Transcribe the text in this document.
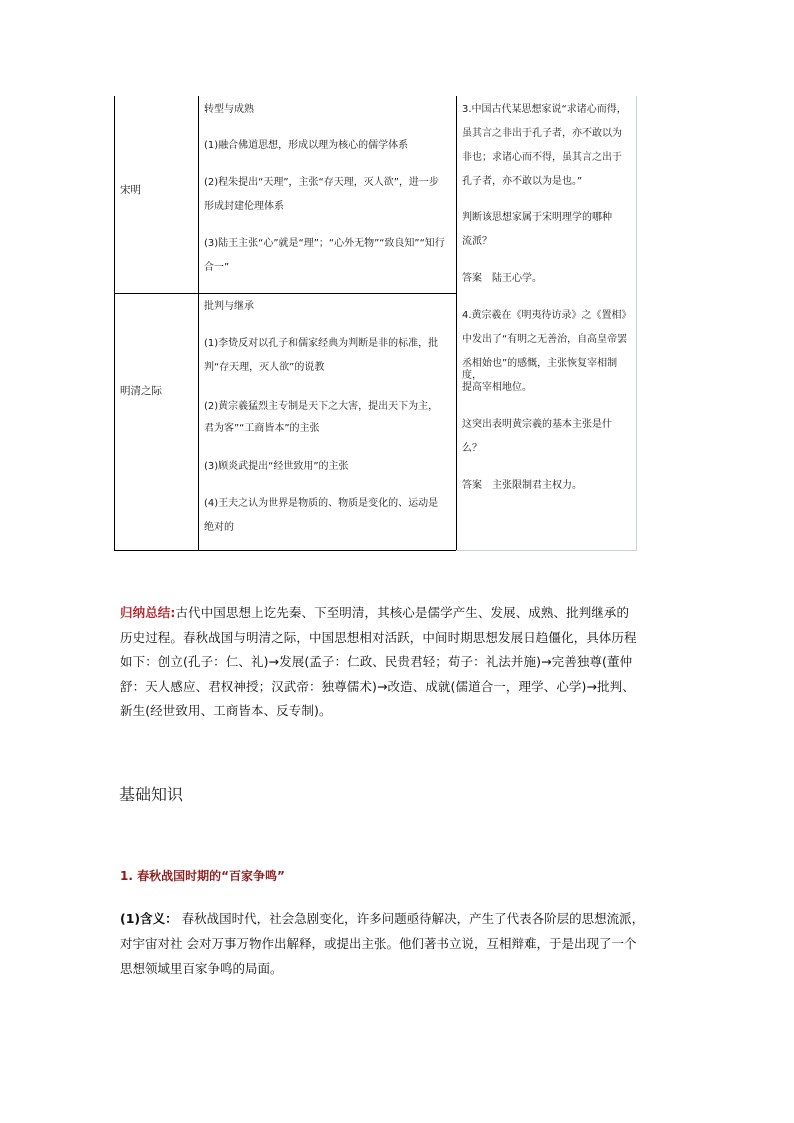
宋明
转型与成熟
(1)融合佛道思想，形成以理为核心的儒学体系
(2)程朱提出“天理”，主张“存天理，灭人欲”，进一步
形成封建伦理体系
(3)陆王主张“心”就是“理”；“心外无物”“致良知”“知行
合一”
明清之际
批判与继承
(1)李贽反对以孔子和儒家经典为判断是非的标准，批
判“存天理，灭人欲”的说教
(2)黄宗羲猛烈主专制是天下之大害，提出天下为主，
君为客”“工商皆本”的主张
(3)顾炎武提出“经世致用”的主张
(4)王夫之认为世界是物质的、物质是变化的、运动是
绝对的
3.中国古代某思想家说“求诸心而得，
虽其言之非出于孔子者，亦不敢以为
非也；求诸心而不得，虽其言之出于
孔子者，亦不敢以为是也。”
判断该思想家属于宋明理学的哪种
流派？
答案　陆王心学。
4.黄宗羲在《明夷待访录》之《置相》
中发出了“有明之无善治，自高皇帝罢
丞相始也”的感慨，主张恢复宰相制度，
提高宰相地位。
这突出表明黄宗羲的基本主张是什
么？
答案　主张限制君主权力。

归纳总结:古代中国思想上讫先秦、下至明清，其核心是儒学产生、发展、成熟、批判继承的

历史过程。春秋战国与明清之际，中国思想相对活跃，中间时期思想发展日趋僵化，具体历程

如下：创立(孔子：仁、礼)→发展(孟子：仁政、民贵君轻；荀子：礼法并施)→完善独尊(董仲

舒：天人感应、君权神授；汉武帝：独尊儒术)→改造、成就(儒道合一，理学、心学)→批判、

新生(经世致用、工商皆本、反专制)。

基础知识
1. 春秋战国时期的“百家争鸣”

(1)含义： 春秋战国时代，社会急剧变化，许多问题亟待解决，产生了代表各阶层的思想流派，

对宇宙对社 会对万事万物作出解释，或提出主张。他们著书立说，互相辩难，于是出现了一个

思想领域里百家争鸣的局面。
